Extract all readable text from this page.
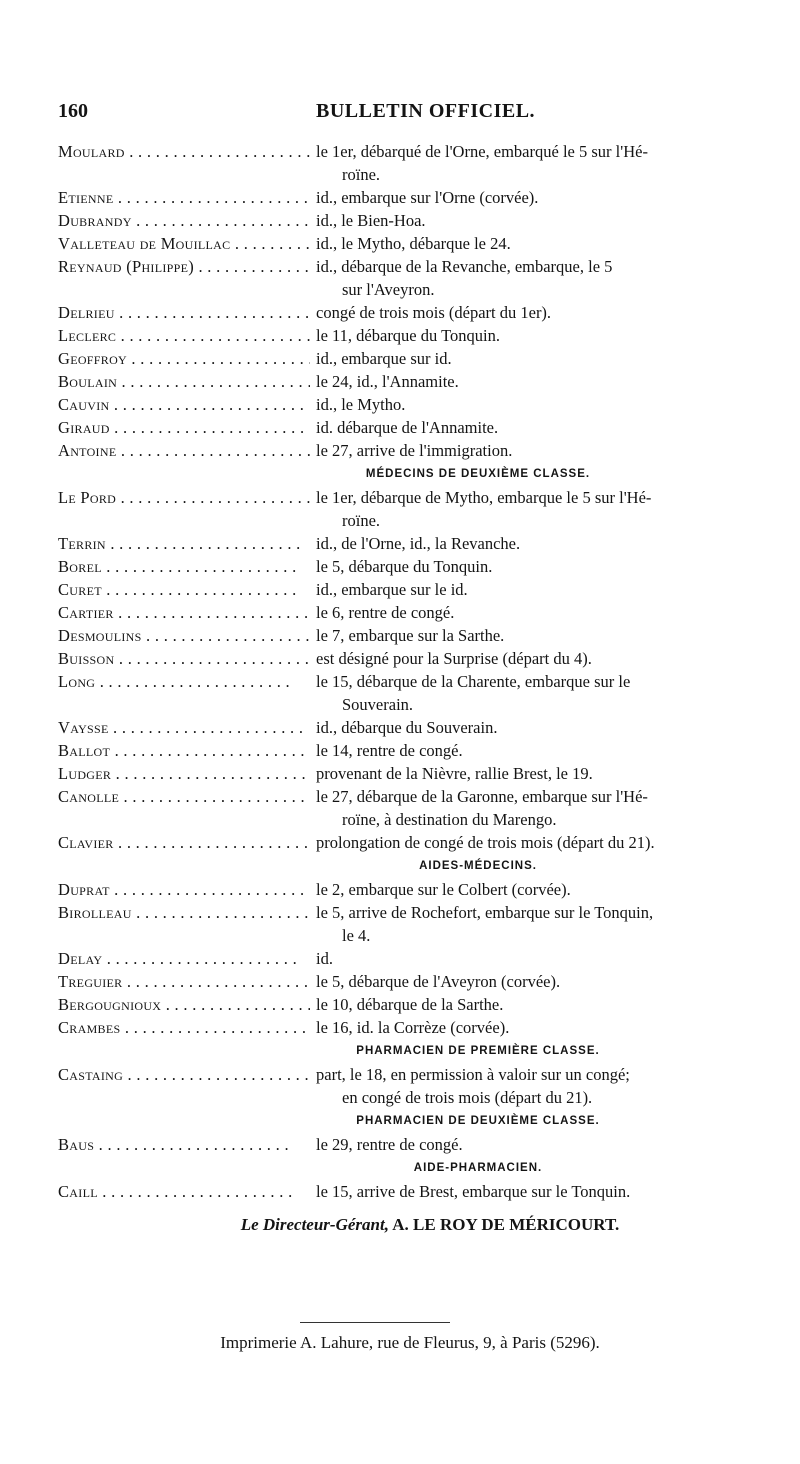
160	BULLETIN OFFICIEL.
Moulard . . .	le 1er, débarqué de l'Orne, embarqué le 5 sur l'Hé-
roïne.
Etienne . . .	id., embarque sur l'Orne (corvée).
Dubrandy . . .	id., le Bien-Hoa.
Valleteau de Mouillac . . .	id., le Mytho, débarque le 24.
Reynaud (Philippe) . . .	id., débarque de la Revanche, embarque, le 5
sur l'Aveyron.
Delrieu . . .	congé de trois mois (départ du 1er).
Leclerc . . .	le 11, débarque du Tonquin.
Geoffroy . . .	id., embarque sur id.
Boulain . . .	le 24, id., l'Annamite.
Cauvin . . .	id., le Mytho.
Giraud . . .	id. débarque de l'Annamite.
Antoine . . .	le 27, arrive de l'immigration.
MÉDECINS DE DEUXIÈME CLASSE.
Le Pord . . .	le 1er, débarque de Mytho, embarque le 5 sur l'Hé-
roïne.
Terrin . . .	id., de l'Orne, id., la Revanche.
Borel . . .	le 5, débarque du Tonquin.
Curet . . .	id., embarque sur le id.
Cartier . . .	le 6, rentre de congé.
Desmoulins . . .	le 7, embarque sur la Sarthe.
Buisson . . .	est désigné pour la Surprise (départ du 4).
Long . . .	le 15, débarque de la Charente, embarque sur le
Souverain.
Vaysse . . .	id., débarque du Souverain.
Ballot . . .	le 14, rentre de congé.
Ludger . . .	provenant de la Nièvre, rallie Brest, le 19.
Canolle . . .	le 27, débarque de la Garonne, embarque sur l'Hé-
roïne, à destination du Marengo.
Clavier . . .	prolongation de congé de trois mois (départ du 21).
AIDES-MÉDECINS.
Duprat . . .	le 2, embarque sur le Colbert (corvée).
Birolleau . . .	le 5, arrive de Rochefort, embarque sur le Tonquin,
le 4.
Delay . . .	id.
Treguier . . .	le 5, débarque de l'Aveyron (corvée).
Bergougnioux . . .	le 10, débarque de la Sarthe.
Crambes . . .	le 16, id. la Corrèze (corvée).
PHARMACIEN DE PREMIÈRE CLASSE.
Castaing . . .	part, le 18, en permission à valoir sur un congé;
en congé de trois mois (départ du 21).
PHARMACIEN DE DEUXIÈME CLASSE.
Baus . . .	le 29, rentre de congé.
AIDE-PHARMACIEN.
Caill . . .	le 15, arrive de Brest, embarque sur le Tonquin.
Le Directeur-Gérant, A. LE ROY DE MÉRICOURT.
Imprimerie A. Lahure, rue de Fleurus, 9, à Paris (5296).
